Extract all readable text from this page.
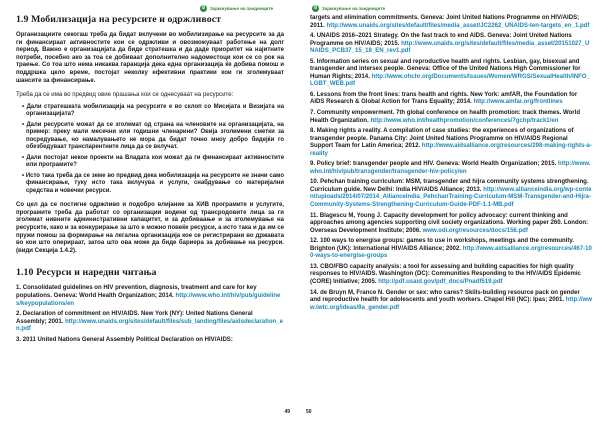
8	Зајакнување на заедниците
1.9 Мобилизација на ресурсите и одржливост

Организациите секогаш треба да бидат вклучени во мобилизирање на ресурсите за да ги финансираат активностите кои се одржливи и овозможуваат работење на долг период. Важно е организацијата да биде стратешка и да даде приоритет на најитните потреби, посебно ако за тоа се добиваат дополнително надоместоци кои се со рок на траење. Со тоа што нема никаква гаранција дека една организација ќе добива помош и поддршка цело време, постојат неколку ефективни практики кои ги зголемуваат шансите за финансирање.

Треба да се има во предвид овие прашања кои се однесуваат на ресурсите:

• Дали стратешката мобилизација на ресурсите е во склоп со Мисијата и Визијата на организацијата?
• Дали ресурсите можат да се зголемат од страна на членовите на организацијата, на пример: преку мали месечни или годишни членарини? Овија зголемени сметки за посредување, но намалувањето не мора да бидат точно мноу добро бидејќи го обезбедуваат транспарентните лица да се вклучат.
• Дали постојат некои проекти на Владата кои можат да ги финансираат активностите или програмите?
• Исто така треба да се земе во предвид дека мобилизација на ресурсите не значи само финансирање, туку исто така вклучува и услуги, снабдување со материјални средства и човечки ресурси.

Со цел да се постигне одржливо и подобро влијание за ХИВ програмите и услугите, програмите треба да работат со организации водени од трансродовите лица за ги зголемат нивните административни капацитет, и за добиваање и за зголемување на ресурсите, како и за конкурирање за што е можно повеќе ресурси, а исто така и да им се пружи помош за формирање на легална организација кое се регистрирани во државата во кои што оперираат, затоа што ова може да биде бариера за добивање на ресурси. (види Секција 1.4.2).

1.10 Ресурси и наредни читања
1. Consolidated guidelines on HIV prevention, diagnosis, treatment and care for key populations. Geneva: World Health Organization; 2014. http://www.who.int/hiv/pub/guidelines/keypopulations/en
2. Declaration of commitment on HIV/AIDS. New York (NY): United Nations General Assembly; 2001. http://www.unaids.org/sites/default/files/sub_landing/files/aidsdeclaration_en.pdf
3. 2011 United Nations General Assembly Political Declaration on HIV/AIDS:
49
8	Зајакнување на заедниците
targets and elimination commitments. Geneva: Joint United Nations Programme on HIV/AIDS; 2011. http://www.unaids.org/sites/default/files/media_asset/JC2262_UNAIDS-ten-targets_en_1.pdf
4. UNAIDS 2016–2021 Strategy. On the fast track to end AIDS. Geneva: Joint United Nations Programme on HIV/AIDS; 2015. http://www.unaids.org/sites/default/files/media_asset/20151027_UNAIDS_PCB37_15_18_EN_rev1.pdf
5. Information series on sexual and reproductive health and rights. Lesbian, gay, bisexual and transgender and intersex people. Geneva: Office of the United Nations High Commissioner for Human Rights; 2014. http://www.ohchr.org/Documents/Issues/Women/WRGS/SexualHealth/INFO_LGBT_WEB.pdf
6. Lessons from the front lines: trans health and rights. New York: amfAR, the Foundation for AIDS Research & Global Action for Trans Equality; 2014. http://www.amfar.org/frontlines
7. Community empowerment. 7th global conference on health promotion: track themes. World Health Organization. http://www.who.int/healthpromotion/conferences/7gchp/track1/en
8. Making rights a reality. A compilation of case studies: the experiences of organizations of transgender people. Panama City: Joint United Nations Programme on HIV/AIDS Regional Support Team for Latin America; 2012. http://www.aidsalliance.org/resources/298-making-rights-a-reality
9. Policy brief: transgender people and HIV. Geneva: World Health Organization; 2015. http://www.who.int/hiv/pub/transgender/transgender-hiv-policy/en
10. Pehchan training curriculum: MSM, transgender and hijra community systems strengthening. Curriculum guide. New Delhi: India HIV/AIDS Alliance; 2013. http://www.allianceindia.org/wp-content/uploads/2014/07/2014_AllianceIndia_PehchanTraining-Curriculum-MSM-Transgender-and-Hijra-Community-Systems-Strengthening-Curriculum-Guide-PDF-1.1-MB.pdf
11. Blagescu M, Young J. Capacity development for policy advocacy: current thinking and approaches among agencies supporting civil society organizations. Working paper 260. London: Overseas Development Institute; 2006. www.odi.org/resources/docs/156.pdf
12. 100 ways to energise groups: games to use in workshops, meetings and the community. Brighton (UK): International HIV/AIDS Alliance; 2002. http://www.aidsalliance.org/resources/467-100-ways-to-energise-groups
13. CBO/FBO capacity analysis: a tool for assessing and building capacities for high quality responses to HIV/AIDS. Washington (DC): Communities Responding to the HIV/AIDS Epidemic (CORE) Initiative; 2005. http://pdf.usaid.gov/pdf_docs/Pnadf519.pdf
14. de Bruyn M, France N. Gender or sex: who cares? Skills-building resource pack on gender and reproductive health for adolescents and youth workers. Chapel Hill (NC): Ipas; 2001. http://www.iwtc.org/ideas/9a_gender.pdf
50
